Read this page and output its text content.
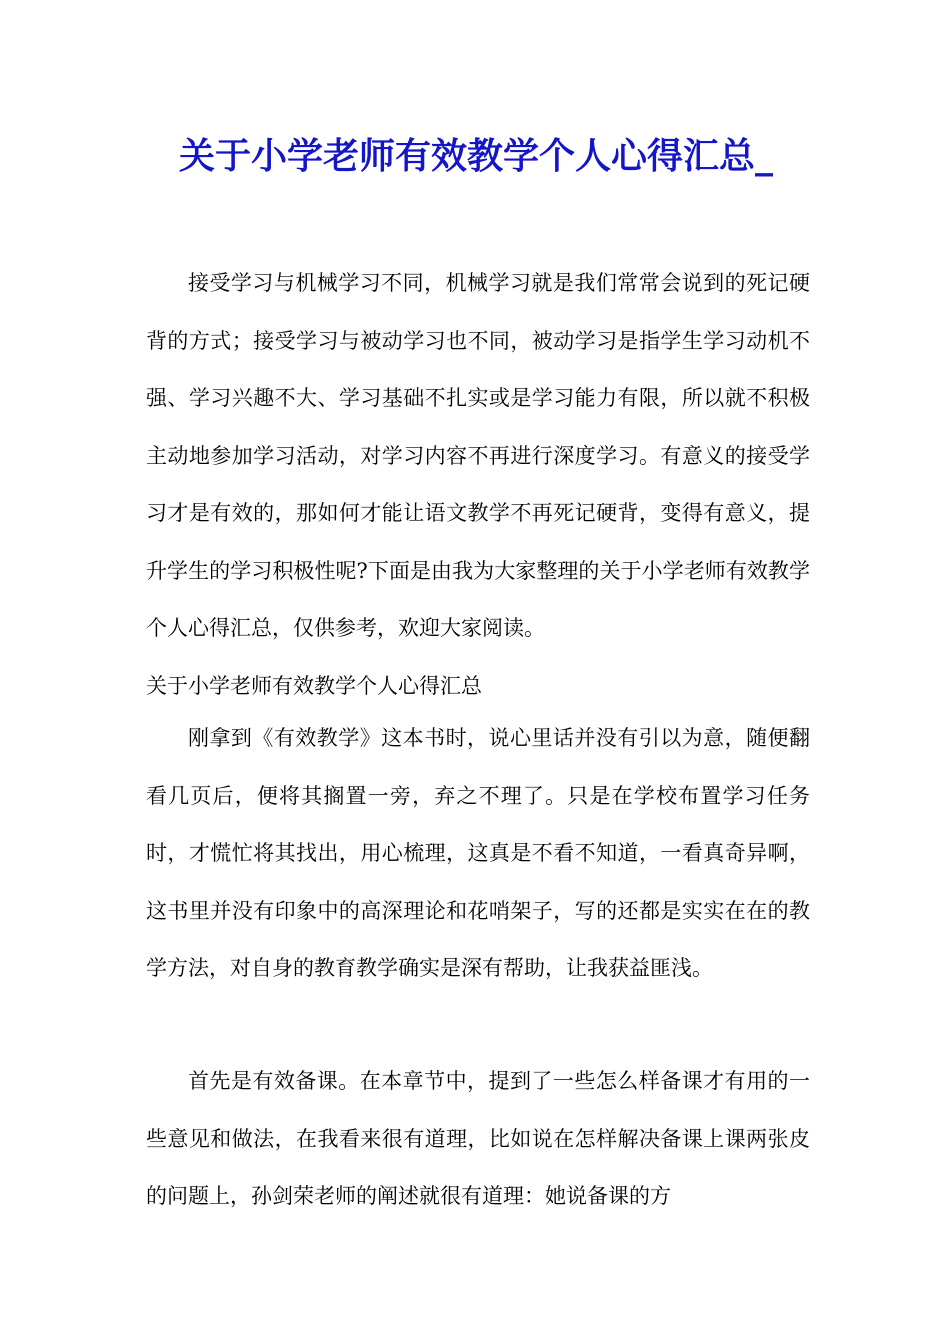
关于小学老师有效教学个人心得汇总_

接受学习与机械学习不同，机械学习就是我们常常会说到的死记硬背的方式；接受学习与被动学习也不同，被动学习是指学生学习动机不强、学习兴趣不大、学习基础不扎实或是学习能力有限，所以就不积极主动地参加学习活动，对学习内容不再进行深度学习。有意义的接受学习才是有效的，那如何才能让语文教学不再死记硬背，变得有意义，提升学生的学习积极性呢?下面是由我为大家整理的关于小学老师有效教学个人心得汇总，仅供参考，欢迎大家阅读。

关于小学老师有效教学个人心得汇总

刚拿到《有效教学》这本书时，说心里话并没有引以为意，随便翻看几页后，便将其搁置一旁，弃之不理了。只是在学校布置学习任务时，才慌忙将其找出，用心梳理，这真是不看不知道，一看真奇异啊，这书里并没有印象中的高深理论和花哨架子，写的还都是实实在在的教学方法，对自身的教育教学确实是深有帮助，让我获益匪浅。

首先是有效备课。在本章节中，提到了一些怎么样备课才有用的一些意见和做法，在我看来很有道理，比如说在怎样解决备课上课两张皮的问题上，孙剑荣老师的阐述就很有道理：她说备课的方
